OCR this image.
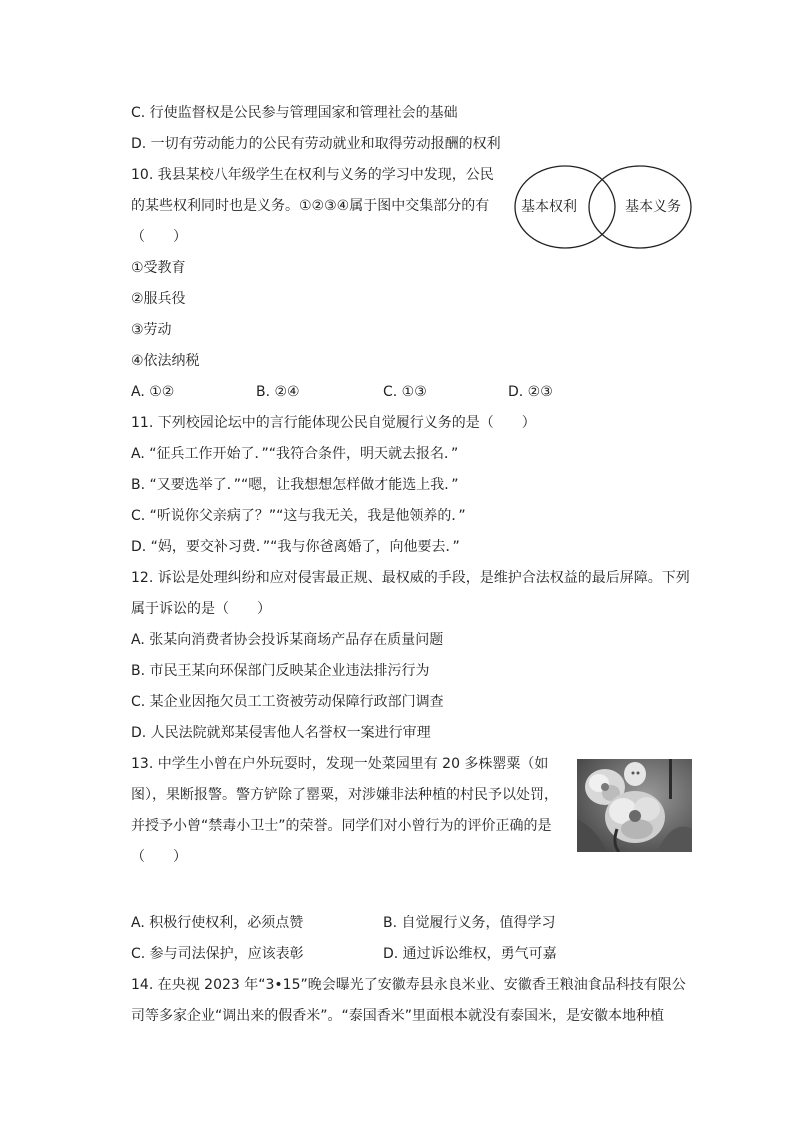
C. 行使监督权是公民参与管理国家和管理社会的基础
D. 一切有劳动能力的公民有劳动就业和取得劳动报酬的权利
10. 我县某校八年级学生在权利与义务的学习中发现，公民
的某些权利同时也是义务。①②③④属于图中交集部分的有
（　　）
①受教育
②服兵役
③劳动
④依法纳税
A. ①②	B. ②④	C. ①③	D. ②③
11. 下列校园论坛中的言行能体现公民自觉履行义务的是（　　）
A. “征兵工作开始了．”“我符合条件，明天就去报名．”
B. “又要选举了．”“嗯，让我想想怎样做才能选上我．”
C. “听说你父亲病了？”“这与我无关，我是他领养的．”
D. “妈，要交补习费．”“我与你爸离婚了，向他要去．”
12. 诉讼是处理纠纷和应对侵害最正规、最权威的手段，是维护合法权益的最后屏障。下列
属于诉讼的是（　　）
A. 张某向消费者协会投诉某商场产品存在质量问题
B. 市民王某向环保部门反映某企业违法排污行为
C. 某企业因拖欠员工工资被劳动保障行政部门调查
D. 人民法院就郑某侵害他人名誉权一案进行审理
13. 中学生小曾在户外玩耍时，发现一处菜园里有 20 多株罂粟（如
图），果断报警。警方铲除了罂粟，对涉嫌非法种植的村民予以处罚，
并授予小曾“禁毒小卫士”的荣誉。同学们对小曾行为的评价正确的是
（　　）
A. 积极行使权利，必须点赞	B. 自觉履行义务，值得学习
C. 参与司法保护，应该表彰	D. 通过诉讼维权，勇气可嘉
14. 在央视 2023 年“3•15”晚会曝光了安徽寿县永良米业、安徽香王粮油食品科技有限公
司等多家企业“调出来的假香米”。“泰国香米”里面根本就没有泰国米，是安徽本地种植
基本权利	基本义务
